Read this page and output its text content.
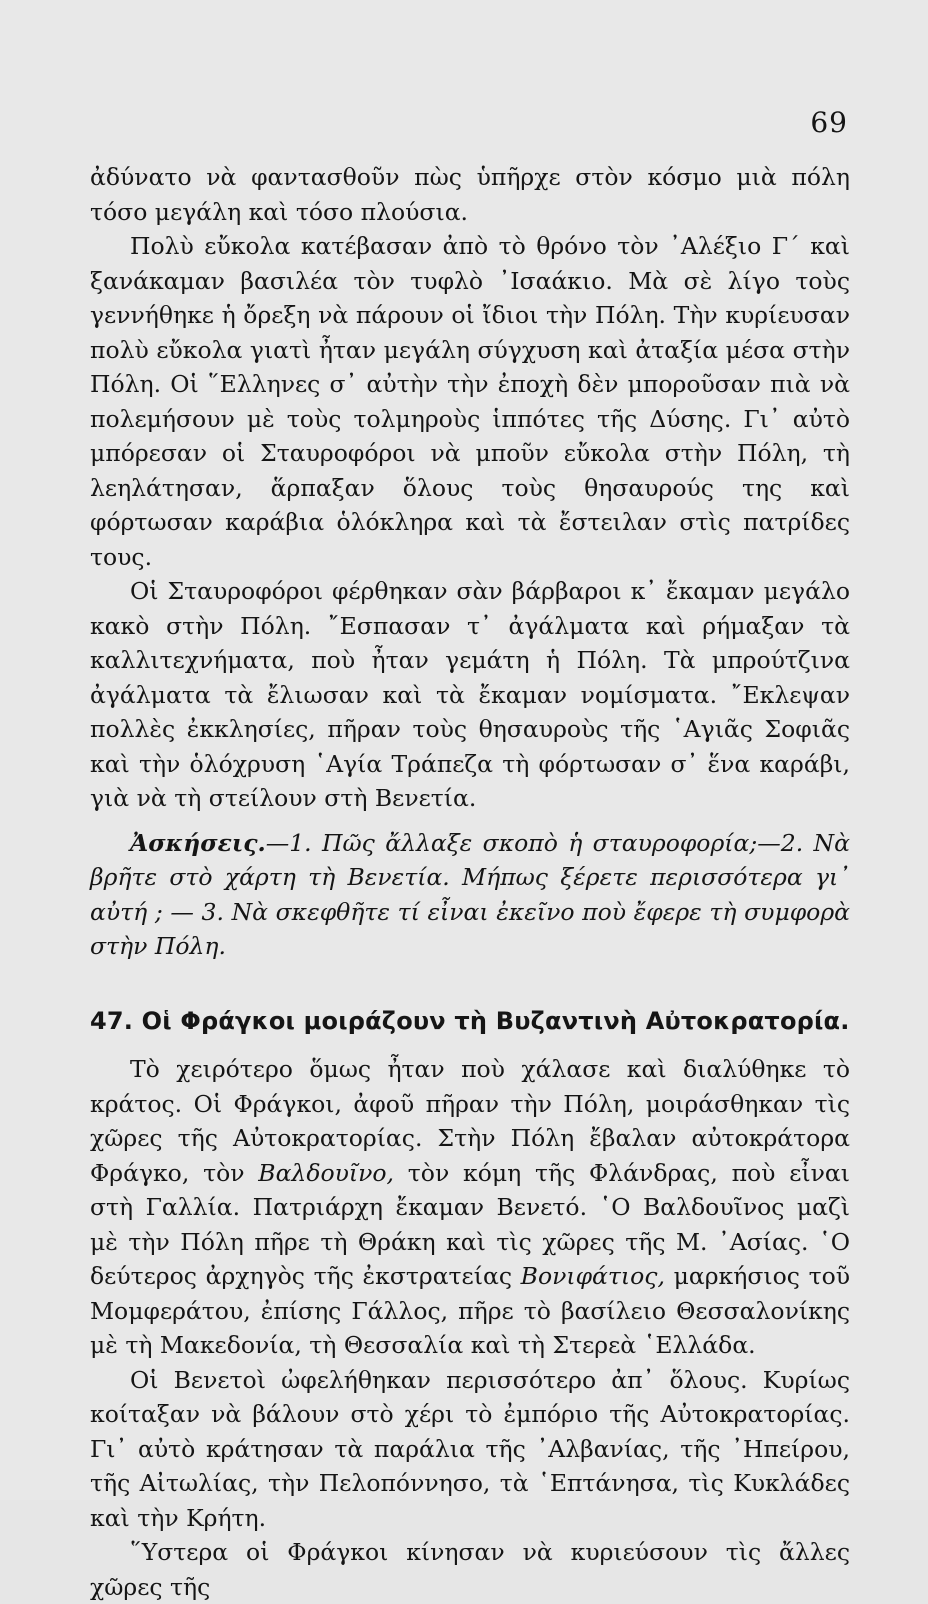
69

ἀδύνατο νὰ φαντασθοῦν πὼς ὑπῆρχε στὸν κόσμο μιὰ πόλη τόσο μεγάλη καὶ τόσο πλούσια.

Πολὺ εὔκολα κατέβασαν ἀπὸ τὸ θρόνο τὸν ᾿Αλέξιο Γ΄ καὶ ξανάκαμαν βασιλέα τὸν τυφλὸ ᾿Ισαάκιο. Μὰ σὲ λίγο τοὺς γεννήθηκε ἡ ὄρεξη νὰ πάρουν οἱ ἴδιοι τὴν Πόλη. Τὴν κυρίευσαν πολὺ εὔκολα γιατὶ ἦταν μεγάλη σύγχυση καὶ ἀταξία μέσα στὴν Πόλη. Οἱ ῞Ελληνες σ᾿ αὐτὴν τὴν ἐποχὴ δὲν μποροῦσαν πιὰ νὰ πολεμήσουν μὲ τοὺς τολμηροὺς ἱππότες τῆς Δύσης. Γι᾿ αὐτὸ μπόρεσαν οἱ Σταυροφόροι νὰ μποῦν εὔκολα στὴν Πόλη, τὴ λεηλάτησαν, ἅρπαξαν ὅλους τοὺς θησαυρούς της καὶ φόρτωσαν καράβια ὁλόκληρα καὶ τὰ ἔστειλαν στὶς πατρίδες τους.

Οἱ Σταυροφόροι φέρθηκαν σὰν βάρβαροι κ᾿ ἔκαμαν μεγάλο κακὸ στὴν Πόλη. ῎Εσπασαν τ᾿ ἀγάλματα καὶ ρήμαξαν τὰ καλλιτεχνήματα, ποὺ ἦταν γεμάτη ἡ Πόλη. Τὰ μπρούτζινα ἀγάλματα τὰ ἔλιωσαν καὶ τὰ ἔκαμαν νομίσματα. ῎Εκλεψαν πολλὲς ἐκκλησίες, πῆραν τοὺς θησαυροὺς τῆς ῾Αγιᾶς Σοφιᾶς καὶ τὴν ὁλόχρυση ῾Αγία Τράπεζα τὴ φόρτωσαν σ᾿ ἕνα καράβι, γιὰ νὰ τὴ στείλουν στὴ Βενετία.

Ἀσκήσεις.—1. Πῶς ἄλλαξε σκοπὸ ἡ σταυροφορία;—2. Νὰ βρῆτε στὸ χάρτη τὴ Βενετία. Μήπως ξέρετε περισσότερα γι᾿ αὐτή ; — 3. Νὰ σκεφθῆτε τί εἶναι ἐκεῖνο ποὺ ἔφερε τὴ συμφορὰ στὴν Πόλη.

47. Οἱ Φράγκοι μοιράζουν τὴ Βυζαντινὴ Αὐτοκρατορία.

Τὸ χειρότερο ὅμως ἦταν ποὺ χάλασε καὶ διαλύθηκε τὸ κράτος. Οἱ Φράγκοι, ἀφοῦ πῆραν τὴν Πόλη, μοιράσθηκαν τὶς χῶρες τῆς Αὐτοκρατορίας. Στὴν Πόλη ἔβαλαν αὐτοκράτορα Φράγκο, τὸν Βαλδουῖνο, τὸν κόμη τῆς Φλάνδρας, ποὺ εἶναι στὴ Γαλλία. Πατριάρχη ἔκαμαν Βενετό. ῾Ο Βαλδουῖνος μαζὶ μὲ τὴν Πόλη πῆρε τὴ Θράκη καὶ τὶς χῶρες τῆς Μ. ᾿Ασίας. ῾Ο δεύτερος ἀρχηγὸς τῆς ἐκστρατείας Βονιφάτιος, μαρκήσιος τοῦ Μομφεράτου, ἐπίσης Γάλλος, πῆρε τὸ βασίλειο Θεσσαλονίκης μὲ τὴ Μακεδονία, τὴ Θεσσαλία καὶ τὴ Στερεὰ ῾Ελλάδα.

Οἱ Βενετοὶ ὠφελήθηκαν περισσότερο ἀπ᾿ ὅλους. Κυρίως κοίταξαν νὰ βάλουν στὸ χέρι τὸ ἐμπόριο τῆς Αὐτοκρατορίας. Γι᾿ αὐτὸ κράτησαν τὰ παράλια τῆς ᾿Αλβανίας, τῆς ᾿Ηπείρου, τῆς Αἰτωλίας, τὴν Πελοπόννησο, τὰ ῾Επτάνησα, τὶς Κυκλάδες καὶ τὴν Κρήτη.

῞Υστερα οἱ Φράγκοι κίνησαν νὰ κυριεύσουν τὶς ἄλλες χῶρες τῆς
